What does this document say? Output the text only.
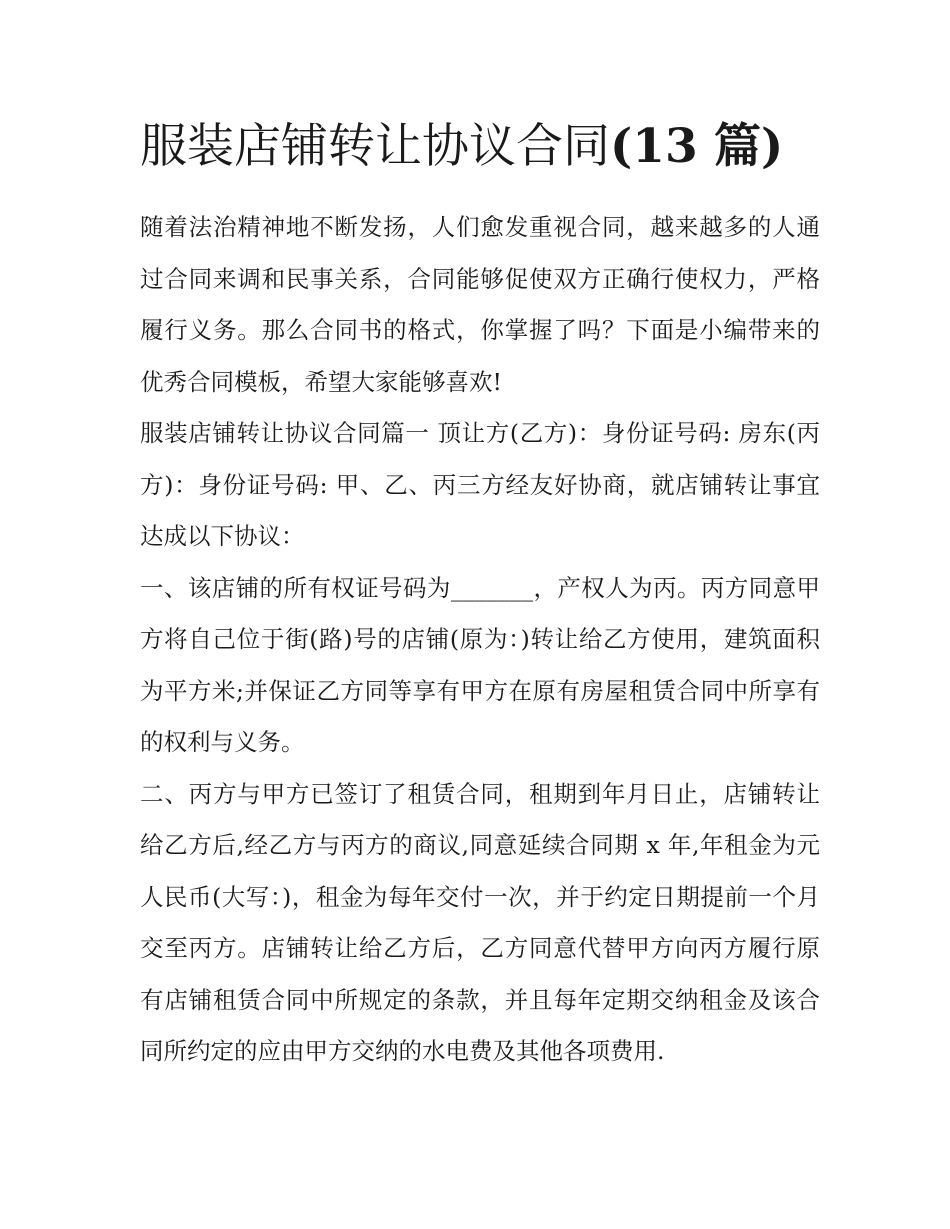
服装店铺转让协议合同(13 篇)

随着法治精神地不断发扬，人们愈发重视合同，越来越多的人通过合同来调和民事关系，合同能够促使双方正确行使权力，严格履行义务。那么合同书的格式，你掌握了吗？下面是小编带来的优秀合同模板，希望大家能够喜欢!

服装店铺转让协议合同篇一 顶让方(乙方)：身份证号码: 房东(丙方)：身份证号码: 甲、乙、丙三方经友好协商，就店铺转让事宜达成以下协议：

一、该店铺的所有权证号码为_______，产权人为丙。丙方同意甲方将自己位于街(路)号的店铺(原为：)转让给乙方使用，建筑面积为平方米;并保证乙方同等享有甲方在原有房屋租赁合同中所享有的权利与义务。

二、丙方与甲方已签订了租赁合同，租期到年月日止，店铺转让给乙方后,经乙方与丙方的商议,同意延续合同期 x 年,年租金为元人民币(大写：)，租金为每年交付一次，并于约定日期提前一个月交至丙方。店铺转让给乙方后，乙方同意代替甲方向丙方履行原有店铺租赁合同中所规定的条款，并且每年定期交纳租金及该合同所约定的应由甲方交纳的水电费及其他各项费用.
